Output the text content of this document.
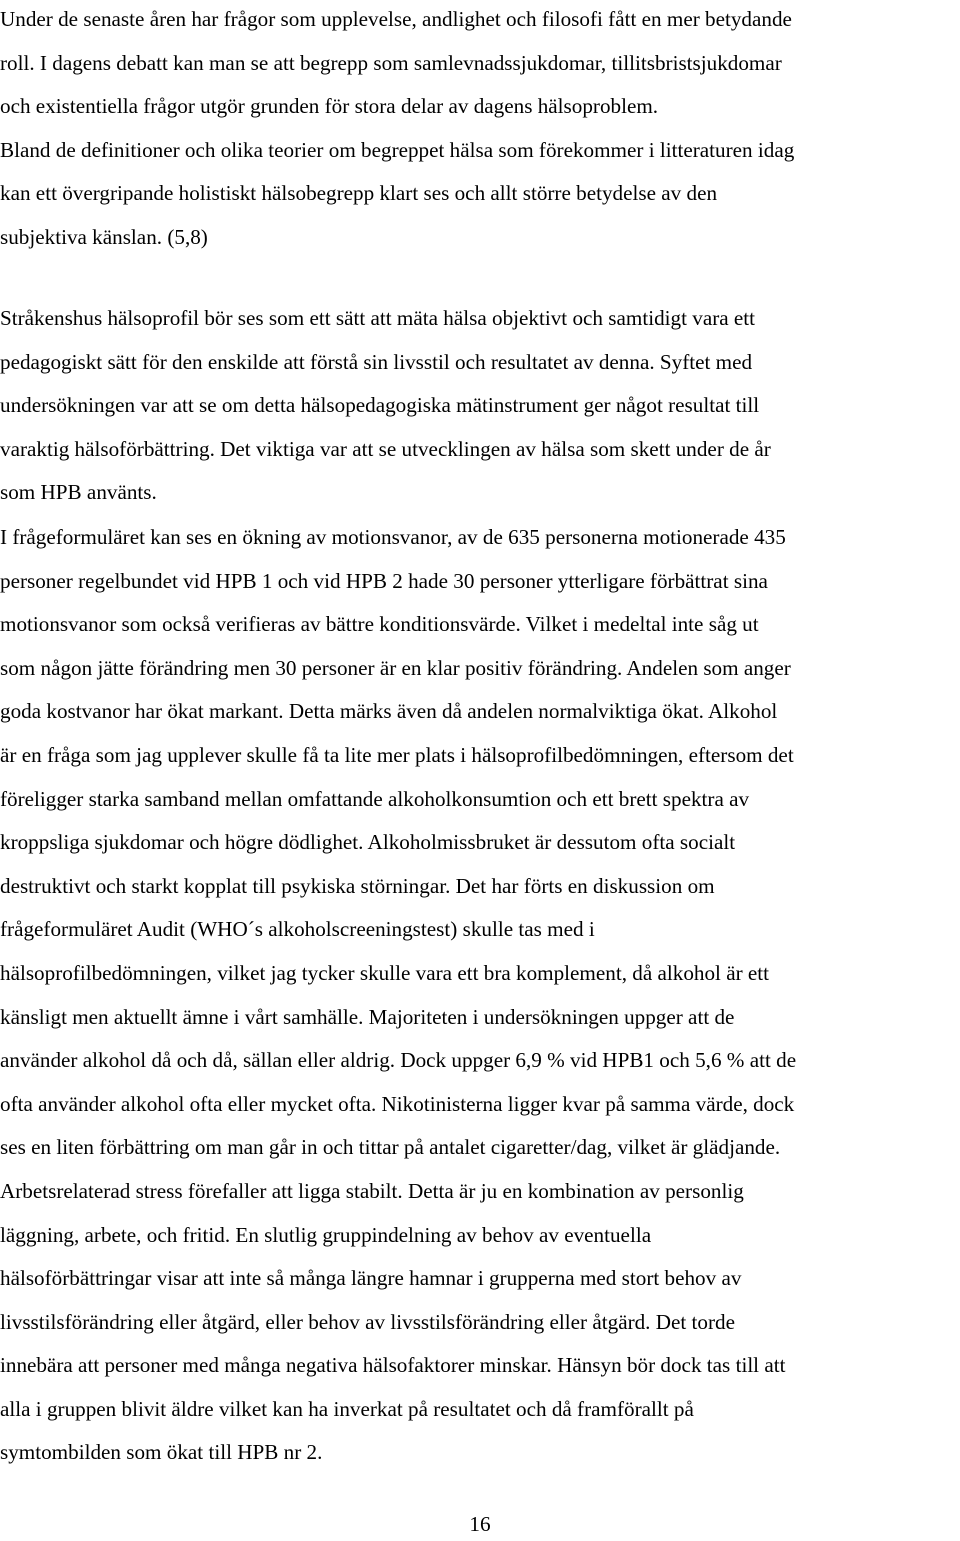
Under de senaste åren har frågor som upplevelse, andlighet och filosofi fått en mer betydande
roll. I dagens debatt kan man se att begrepp som samlevnadssjukdomar, tillitsbristsjukdomar
och existentiella frågor utgör grunden för stora delar av dagens hälsoproblem.
Bland de definitioner och olika teorier om begreppet hälsa som förekommer i litteraturen idag
kan ett övergripande holistiskt hälsobegrepp klart ses och allt större betydelse av den
subjektiva känslan. (5,8)
Stråkenshus hälsoprofil bör ses som ett sätt att mäta hälsa objektivt och samtidigt vara ett
pedagogiskt sätt för den enskilde att förstå sin livsstil och resultatet av denna. Syftet med
undersökningen var att se om detta hälsopedagogiska mätinstrument ger något resultat till
varaktig hälsoförbättring. Det viktiga var att se utvecklingen av hälsa som skett under de år
som HPB använts.
I frågeformuläret kan ses en ökning av motionsvanor, av de 635 personerna motionerade 435
personer regelbundet vid HPB 1 och vid HPB 2 hade 30 personer ytterligare förbättrat sina
motionsvanor som också verifieras av bättre konditionsvärde. Vilket i medeltal inte såg ut
som någon jätte förändring men 30 personer är en klar positiv förändring. Andelen som anger
goda kostvanor har ökat markant. Detta märks även då andelen normalviktiga ökat. Alkohol
är en fråga som jag upplever skulle få ta lite mer plats i hälsoprofilbedömningen, eftersom det
föreligger starka samband mellan omfattande alkoholkonsumtion och ett brett spektra av
kroppsliga sjukdomar och högre dödlighet. Alkoholmissbruket är dessutom ofta socialt
destruktivt och starkt kopplat till psykiska störningar. Det har förts en diskussion om
frågeformuläret Audit (WHO´s alkoholscreeningstest) skulle tas med i
hälsoprofilbedömningen, vilket jag tycker skulle vara ett bra komplement, då alkohol är ett
känsligt men aktuellt ämne i vårt samhälle. Majoriteten i undersökningen uppger att de
använder alkohol då och då, sällan eller aldrig. Dock uppger 6,9 % vid HPB1 och 5,6 % att de
ofta använder alkohol ofta eller mycket ofta. Nikotinisterna ligger kvar på samma värde, dock
ses en liten förbättring om man går in och tittar på antalet cigaretter/dag, vilket är glädjande.
Arbetsrelaterad stress förefaller att ligga stabilt. Detta är ju en kombination av personlig
läggning, arbete, och fritid. En slutlig gruppindelning av behov av eventuella
hälsoförbättringar visar att inte så många längre hamnar i grupperna med stort behov av
livsstilsförändring eller åtgärd, eller behov av livsstilsförändring eller åtgärd. Det torde
innebära att personer med många negativa hälsofaktorer minskar. Hänsyn bör dock tas till att
alla i gruppen blivit äldre vilket kan ha inverkat på resultatet och då framförallt på
symtombilden som ökat till HPB nr 2.
16
